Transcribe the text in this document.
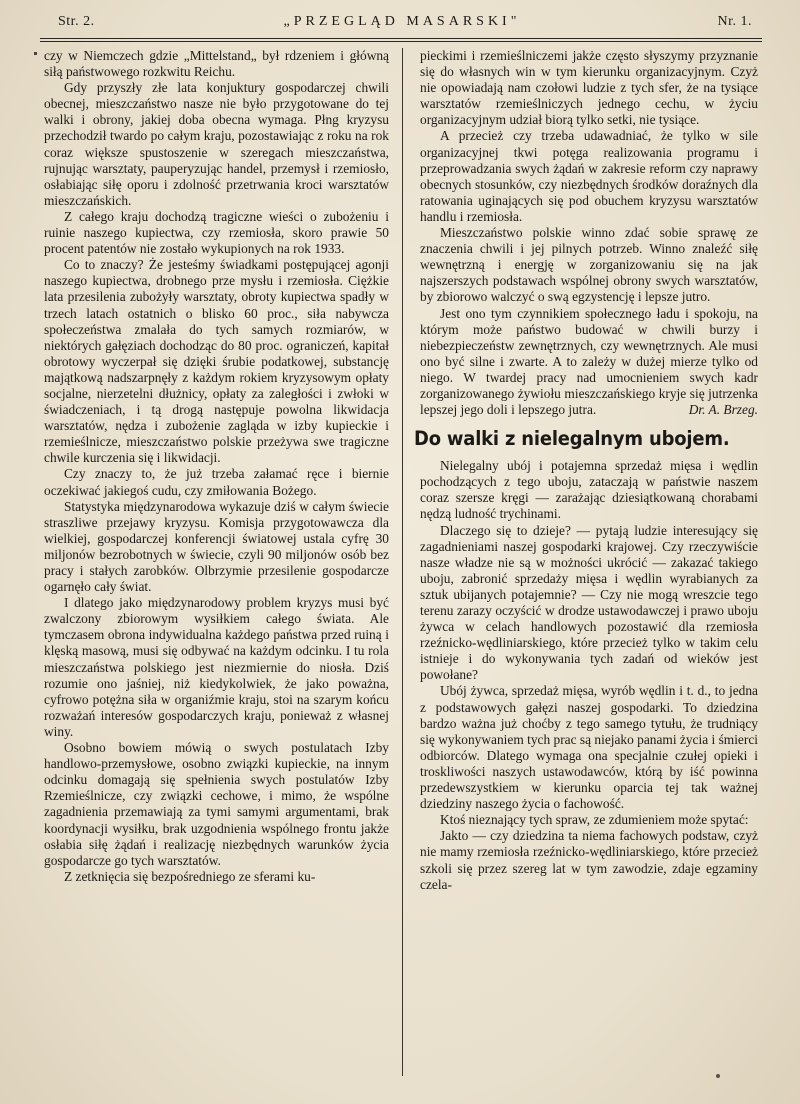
Str. 2.	„PRZEGLĄD MASARSKI"	Nr. 1.

czy w Niemczech gdzie „Mittelstand„ był rdzeniem i główną siłą państwowego rozkwitu Reichu.

Gdy przyszły złe lata konjuktury gospodarczej chwili obecnej, mieszczaństwo nasze nie było przygotowane do tej walki i obrony, jakiej doba obecna wymaga. Płng kryzysu przechodził twardo po całym kraju, pozostawiając z roku na rok coraz większe spustoszenie w szeregach mieszczaństwa, rujnując warsztaty, pauperyzując handel, przemysł i rzemiosło, osłabiając siłę oporu i zdolność przetrwania kroci warsztatów mieszczańskich.

Z całego kraju dochodzą tragiczne wieści o zubożeniu i ruinie naszego kupiectwa, czy rzemiosła, skoro prawie 50 procent patentów nie zostało wykupionych na rok 1933.

Co to znaczy? Że jesteśmy świadkami postępującej agonji naszego kupiectwa, drobnego prze mysłu i rzemiosła. Ciężkie lata przesilenia zubożyły warsztaty, obroty kupiectwa spadły w trzech latach ostatnich o blisko 60 proc., siła nabywcza społeczeństwa zmalała do tych samych rozmiarów, w niektórych gałęziach dochodząc do 80 proc. ograniczeń, kapitał obrotowy wyczerpał się dzięki śrubie podatkowej, substancję majątkową nadszarpnęły z każdym rokiem kryzysowym opłaty socjalne, nierzetelni dłużnicy, opłaty za zaległości i zwłoki w świadczeniach, i tą drogą następuje powolna likwidacja warsztatów, nędza i zubożenie zagląda w izby kupieckie i rzemieślnicze, mieszczaństwo polskie przeżywa swe tragiczne chwile kurczenia się i likwidacji.

Czy znaczy to, że już trzeba załamać ręce i biernie oczekiwać jakiegoś cudu, czy zmiłowania Bożego.

Statystyka międzynarodowa wykazuje dziś w całym świecie straszliwe przejawy kryzysu. Komisja przygotowawcza dla wielkiej, gospodarczej konferencji światowej ustala cyfrę 30 miljonów bezrobotnych w świecie, czyli 90 miljonów osób bez pracy i stałych zarobków. Olbrzymie przesilenie gospodarcze ogarnęło cały świat.

I dlatego jako międzynarodowy problem kryzys musi być zwalczony zbiorowym wysiłkiem całego świata. Ale tymczasem obrona indywidualna każdego państwa przed ruiną i klęską masową, musi się odbywać na każdym odcinku. I tu rola mieszczaństwa polskiego jest niezmiernie do niosła. Dziś rozumie ono jaśniej, niż kiedykolwiek, że jako poważna, cyfrowo potężna siła w organiźmie kraju, stoi na szarym końcu rozważań interesów gospodarczych kraju, ponieważ z własnej winy.

Osobno bowiem mówią o swych postulatach Izby handlowo-przemysłowe, osobno związki kupieckie, na innym odcinku domagają się spełnienia swych postulatów Izby Rzemieślnicze, czy związki cechowe, i mimo, że wspólne zagadnienia przemawiają za tymi samymi argumentami, brak koordynacji wysiłku, brak uzgodnienia wspólnego frontu jakże osłabia siłę żądań i realizację niezbędnych warunków życia gospodarcze go tych warsztatów.

Z zetknięcia się bezpośredniego ze sferami ku-

pieckimi i rzemieślniczemi jakże często słyszymy przyznanie się do własnych win w tym kierunku organizacyjnym. Czyż nie opowiadają nam czołowi ludzie z tych sfer, że na tysiące warsztatów rzemieślniczych jednego cechu, w życiu organizacyjnym udział biorą tylko setki, nie tysiące.

A przecież czy trzeba udawadniać, że tylko w sile organizacyjnej tkwi potęga realizowania programu i przeprowadzania swych żądań w zakresie reform czy naprawy obecnych stosunków, czy niezbędnych środków doraźnych dla ratowania uginających się pod obuchem kryzysu warsztatów handlu i rzemiosła.

Mieszczaństwo polskie winno zdać sobie sprawę ze znaczenia chwili i jej pilnych potrzeb. Winno znaleźć siłę wewnętrzną i energję w zorganizowaniu się na jak najszerszych podstawach wspólnej obrony swych warsztatów, by zbiorowo walczyć o swą egzystencję i lepsze jutro.

Jest ono tym czynnikiem społecznego ładu i spokoju, na którym może państwo budować w chwili burzy i niebezpieczeństw zewnętrznych, czy wewnętrznych. Ale musi ono być silne i zwarte. A to zależy w dużej mierze tylko od niego. W twardej pracy nad umocnieniem swych kadr zorganizowanego żywiołu mieszczańskiego kryje się jutrzenka lepszej jego doli i lepszego jutra.	Dr. A. Brzeg.

Do walki z nielegalnym ubojem.

Nielegalny ubój i potajemna sprzedaż mięsa i wędlin pochodzących z tego uboju, zataczają w państwie naszem coraz szersze kręgi — zarażając dziesiątkowaną chorabami nędzą ludność trychinami.

Dlaczego się to dzieje? — pytają ludzie interesujący się zagadnieniami naszej gospodarki krajowej. Czy rzeczywiście nasze władze nie są w możności ukrócić — zakazać takiego uboju, zabronić sprzedaży mięsa i wędlin wyrabianych za sztuk ubijanych potajemnie? — Czy nie mogą wreszcie tego terenu zarazy oczyścić w drodze ustawodawczej i prawo uboju żywca w celach handlowych pozostawić dla rzemiosła rzeźnicko-wędliniarskiego, które przecież tylko w takim celu istnieje i do wykonywania tych zadań od wieków jest powołane?

Ubój żywca, sprzedaż mięsa, wyrób wędlin i t. d., to jedna z podstawowych gałęzi naszej gospodarki. To dziedzina bardzo ważna już choćby z tego samego tytułu, że trudniący się wykonywaniem tych prac są niejako panami życia i śmierci odbiorców. Dlatego wymaga ona specjalnie czułej opieki i troskliwości naszych ustawodawców, którą by iść powinna przedewszystkiem w kierunku oparcia tej tak ważnej dziedziny naszego życia o fachowość.

Ktoś nieznający tych spraw, ze zdumieniem może spytać:

Jakto — czy dziedzina ta niema fachowych podstaw, czyż nie mamy rzemiosła rzeźnicko-wędliniarskiego, które przecież szkoli się przez szereg lat w tym zawodzie, zdaje egzaminy czela-
